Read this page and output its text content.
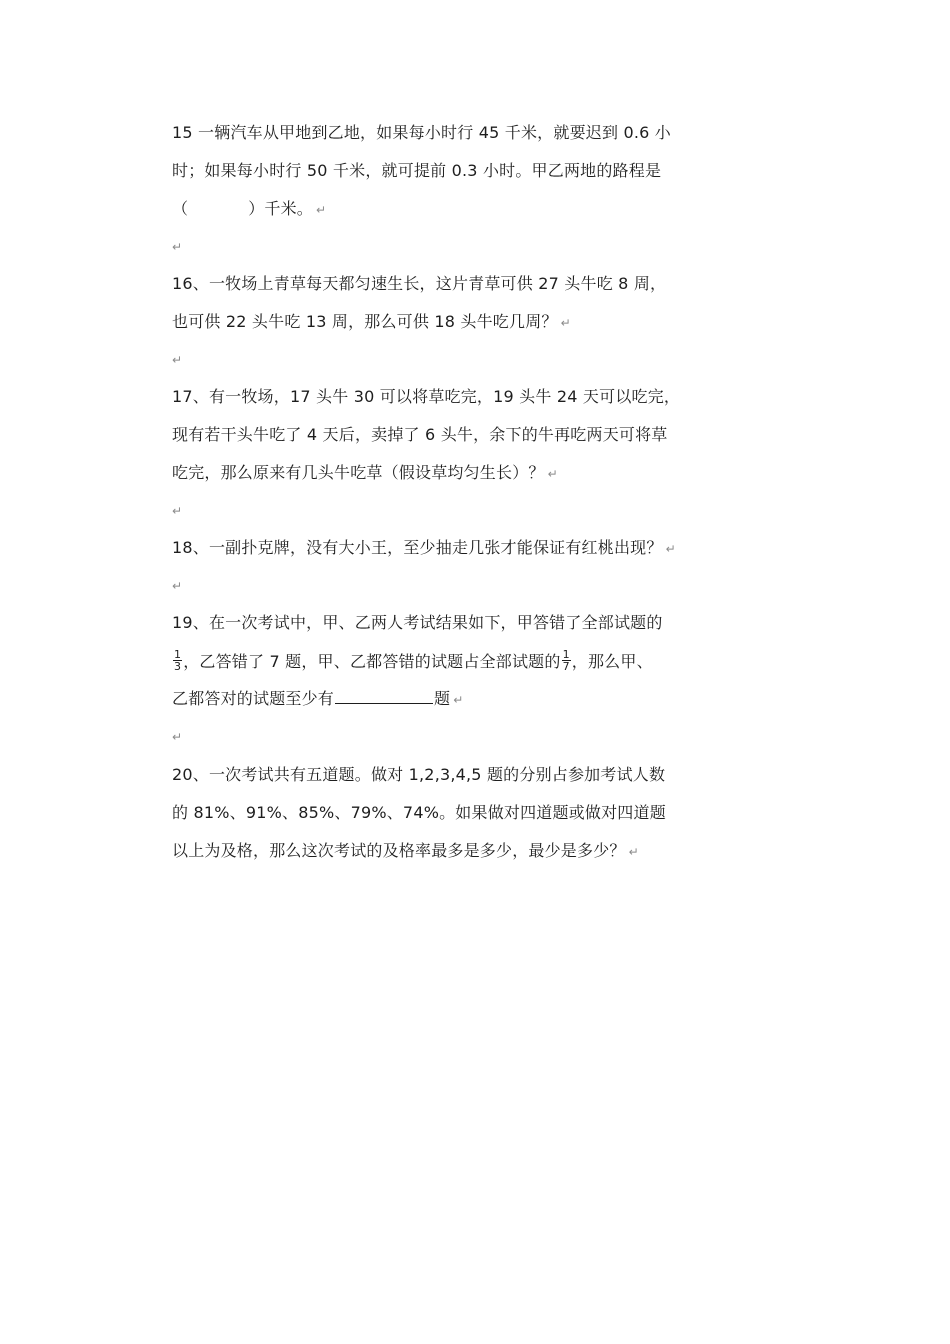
15 一辆汽车从甲地到乙地，如果每小时行 45 千米，就要迟到 0.6 小
时；如果每小时行 50 千米，就可提前 0.3 小时。甲乙两地的路程是
（	）千米。 ↵
↵
16、一牧场上青草每天都匀速生长，这片青草可供 27 头牛吃 8 周，
也可供 22 头牛吃 13 周，那么可供 18 头牛吃几周？ ↵
↵
17、有一牧场，17 头牛 30 可以将草吃完，19 头牛 24 天可以吃完，
现有若干头牛吃了 4 天后，卖掉了 6 头牛，余下的牛再吃两天可将草
吃完，那么原来有几头牛吃草（假设草均匀生长）？ ↵
↵
18、一副扑克牌，没有大小王，至少抽走几张才能保证有红桃出现？ ↵
↵
19、在一次考试中，甲、乙两人考试结果如下，甲答错了全部试题的
$\frac{1}{3}$ ，乙答错了 7 题，甲、乙都答错的试题占全部试题的 $\frac{1}{7}$ ，那么甲、
乙都答对的试题至少有	题 ↵
↵
20、一次考试共有五道题。做对 1,2,3,4,5 题的分别占参加考试人数
的 81%、91%、85%、79%、74%。如果做对四道题或做对四道题
以上为及格，那么这次考试的及格率最多是多少，最少是多少？ ↵
